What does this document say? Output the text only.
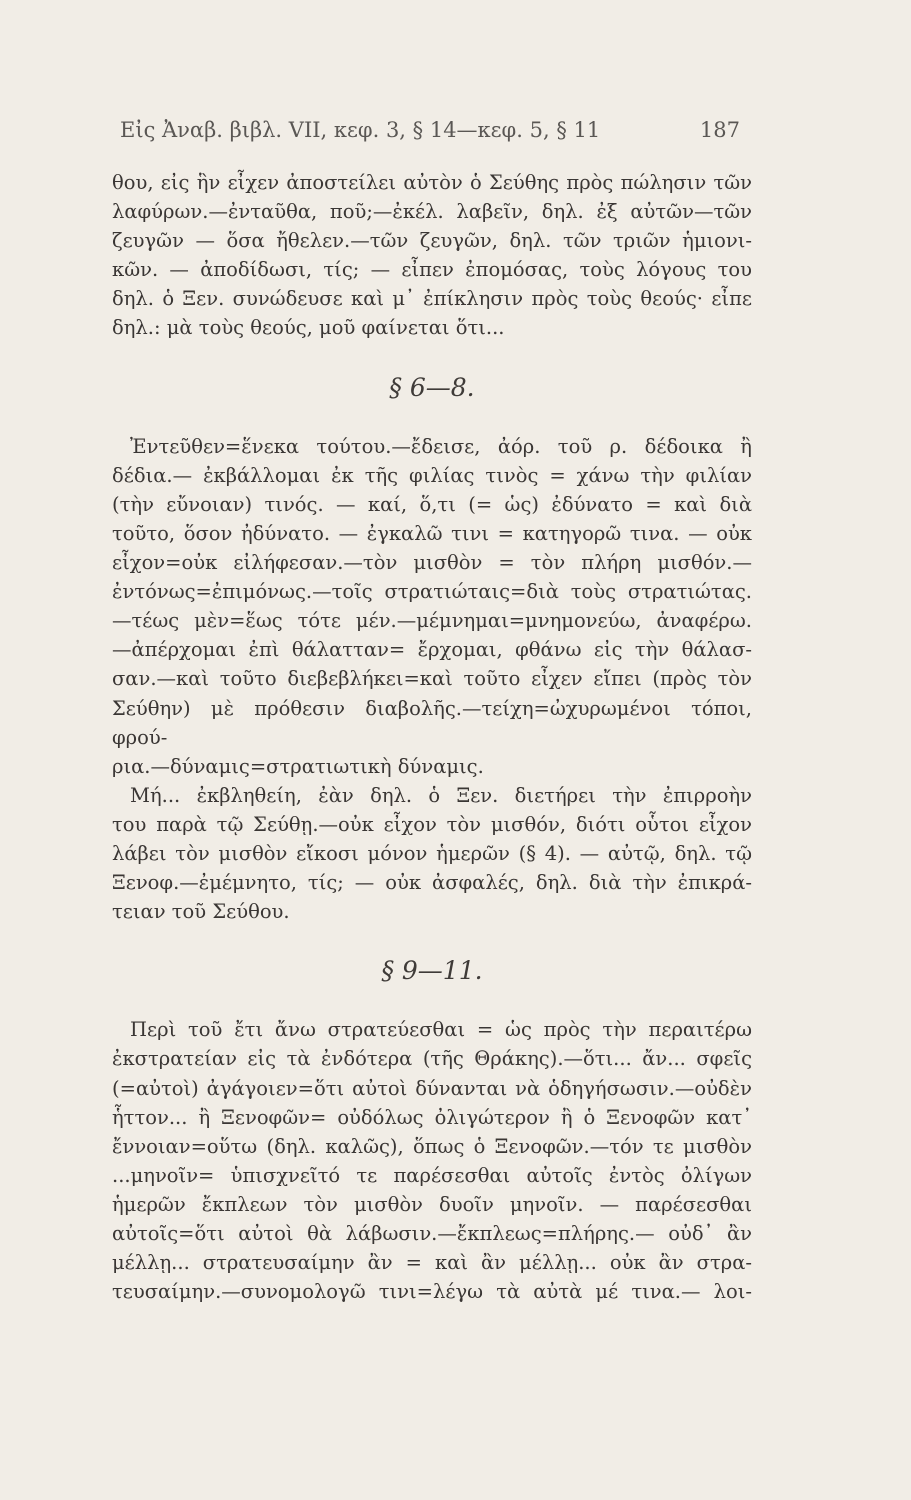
Εἰς Ἀναβ. βιβλ. VII, κεφ. 3, § 14—κεφ. 5, § 11	187

θου, εἰς ἣν εἶχεν ἀποστείλει αὐτὸν ὁ Σεύθης πρὸς πώλησιν τῶν

λαφύρων.—ἐνταῦθα, ποῦ;—ἐκέλ. λαβεῖν, δηλ. ἐξ αὐτῶν—τῶν

ζευγῶν — ὅσα ἤθελεν.—τῶν ζευγῶν, δηλ. τῶν τριῶν ἡμιονι-

κῶν. — ἀποδίδωσι, τίς; — εἶπεν ἐπομόσας, τοὺς λόγους του

δηλ. ὁ Ξεν. συνώδευσε καὶ μ᾽ ἐπίκλησιν πρὸς τοὺς θεούς· εἶπε

δηλ.: μὰ τοὺς θεούς, μοῦ φαίνεται ὅτι...

§ 6—8.

Ἐντεῦθεν=ἕνεκα τούτου.—ἔδεισε, ἀόρ. τοῦ ρ. δέδοικα ἢ

δέδια.— ἐκβάλλομαι ἐκ τῆς φιλίας τινὸς = χάνω τὴν φιλίαν

(τὴν εὔνοιαν) τινός. — καί, ὅ,τι (= ὡς) ἐδύνατο = καὶ διὰ

τοῦτο, ὅσον ἠδύνατο. — ἐγκαλῶ τινι = κατηγορῶ τινα. — οὐκ

εἶχον=οὐκ εἰλήφεσαν.—τὸν μισθὸν = τὸν πλήρη μισθόν.—

ἐντόνως=ἐπιμόνως.—τοῖς στρατιώταις=διὰ τοὺς στρατιώτας.

—τέως μὲν=ἕως τότε μέν.—μέμνημαι=μνημονεύω, ἀναφέρω.

—ἀπέρχομαι ἐπὶ θάλατταν= ἔρχομαι, φθάνω εἰς τὴν θάλασ-

σαν.—καὶ τοῦτο διεβεβλήκει=καὶ τοῦτο εἶχεν εἴπει (πρὸς τὸν

Σεύθην) μὲ πρόθεσιν διαβολῆς.—τείχη=ὠχυρωμένοι τόποι, φρού-

ρια.—δύναμις=στρατιωτικὴ δύναμις.

Μή... ἐκβληθείη, ἐὰν δηλ. ὁ Ξεν. διετήρει τὴν ἐπιρροὴν

του παρὰ τῷ Σεύθῃ.—οὐκ εἶχον τὸν μισθόν, διότι οὗτοι εἶχον

λάβει τὸν μισθὸν εἴκοσι μόνον ἡμερῶν (§ 4). — αὐτῷ, δηλ. τῷ

Ξενοφ.—ἐμέμνητο, τίς; — οὐκ ἀσφαλές, δηλ. διὰ τὴν ἐπικρά-

τειαν τοῦ Σεύθου.

§ 9—11.

Περὶ τοῦ ἔτι ἄνω στρατεύεσθαι = ὡς πρὸς τὴν περαιτέρω

ἐκστρατείαν εἰς τὰ ἐνδότερα (τῆς Θράκης).—ὅτι... ἄν... σφεῖς

(=αὐτοὶ) ἀγάγοιεν=ὅτι αὐτοὶ δύνανται νὰ ὁδηγήσωσιν.—οὐδὲν

ἧττον... ἢ Ξενοφῶν= οὐδόλως ὀλιγώτερον ἢ ὁ Ξενοφῶν κατ᾽

ἔννοιαν=οὕτω (δηλ. καλῶς), ὅπως ὁ Ξενοφῶν.—τόν τε μισθὸν

...μηνοῖν= ὑπισχνεῖτό τε παρέσεσθαι αὐτοῖς ἐντὸς ὀλίγων

ἡμερῶν ἔκπλεων τὸν μισθὸν δυοῖν μηνοῖν. — παρέσεσθαι

αὐτοῖς=ὅτι αὐτοὶ θὰ λάβωσιν.—ἔκπλεως=πλήρης.— οὐδ᾽ ἂν

μέλλῃ... στρατευσαίμην ἂν = καὶ ἂν μέλλῃ... οὐκ ἂν στρα-

τευσαίμην.—συνομολογῶ τινι=λέγω τὰ αὐτὰ μέ τινα.— λοι-
